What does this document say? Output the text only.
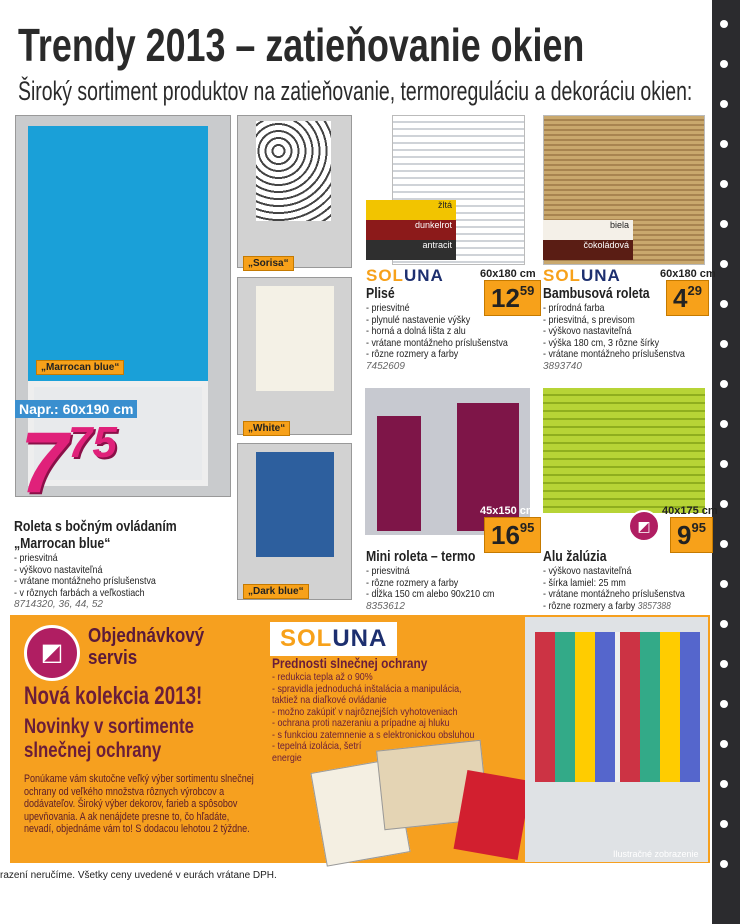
Trendy 2013 – zatieňovanie okien
Široký sortiment produktov na zatieňovanie, termoreguláciu a dekoráciu okien:
„Marrocan blue“
Napr.: 60x190 cm
$7^{75}$
Roleta s bočným ovládaním
„Marrocan blue“
- priesvitná
- výškovo nastaviteľná
- vrátane montážneho príslušenstva
- v rôznych farbách a veľkostiach
8714320, 36, 44, 52
„Sorisa“
„White“
„Dark blue“
žltá
dunkelrot
antracit
SOLUNA	60x180 cm
$12^{59}$
Plisé
- priesvitné
- plynulé nastavenie výšky
- horná a dolná lišta z alu
- vrátane montážneho príslušenstva
- rôzne rozmery a farby
7452609
biela
čokoládová
SOLUNA	60x180 cm
$4^{29}$
Bambusová roleta
- prírodná farba
- priesvitná, s previsom
- výškovo nastaviteľná
- výška 180 cm, 3 rôzne šírky
- vrátane montážneho príslušenstva
3893740
45x150 cm
$16^{95}$
Mini roleta – termo
- priesvitná
- rôzne rozmery a farby
- dĺžka 150 cm alebo 90x210 cm
8353612
◩
40x175 cm
$9^{95}$
Alu žalúzia
- výškovo nastaviteľná
- šírka lamiel: 25 mm
- vrátane montážneho príslušenstva
- rôzne rozmery a farby 3857388
◩
Objednávkový servis
Nová kolekcia 2013!
Novinky v sortimente slnečnej ochrany
Ponúkame vám skutočne veľký výber sortimentu slnečnej ochrany od veľkého množstva rôznych výrobcov a dodávateľov. Široký výber dekorov, farieb a spôsobov upevňovania. A ak nenájdete presne to, čo hľadáte, nevadí, objednáme vám to! S dodacou lehotou 2 týždne.
SOLUNA
Prednosti slnečnej ochrany
- redukcia tepla až o 90%
- spravidla jednoduchá inštalácia a manipulácia, taktiež na diaľkové ovládanie
- možno zakúpiť v najrôznejších vyhotoveniach
- ochrana proti nazeraniu a prípadne aj hluku
- s funkciou zatemnenie a s elektronickou obsluhou
- tepelná izolácia, šetrí energie
Ilustračné zobrazenie
razení neručíme. Všetky ceny uvedené v eurách vrátane DPH.
